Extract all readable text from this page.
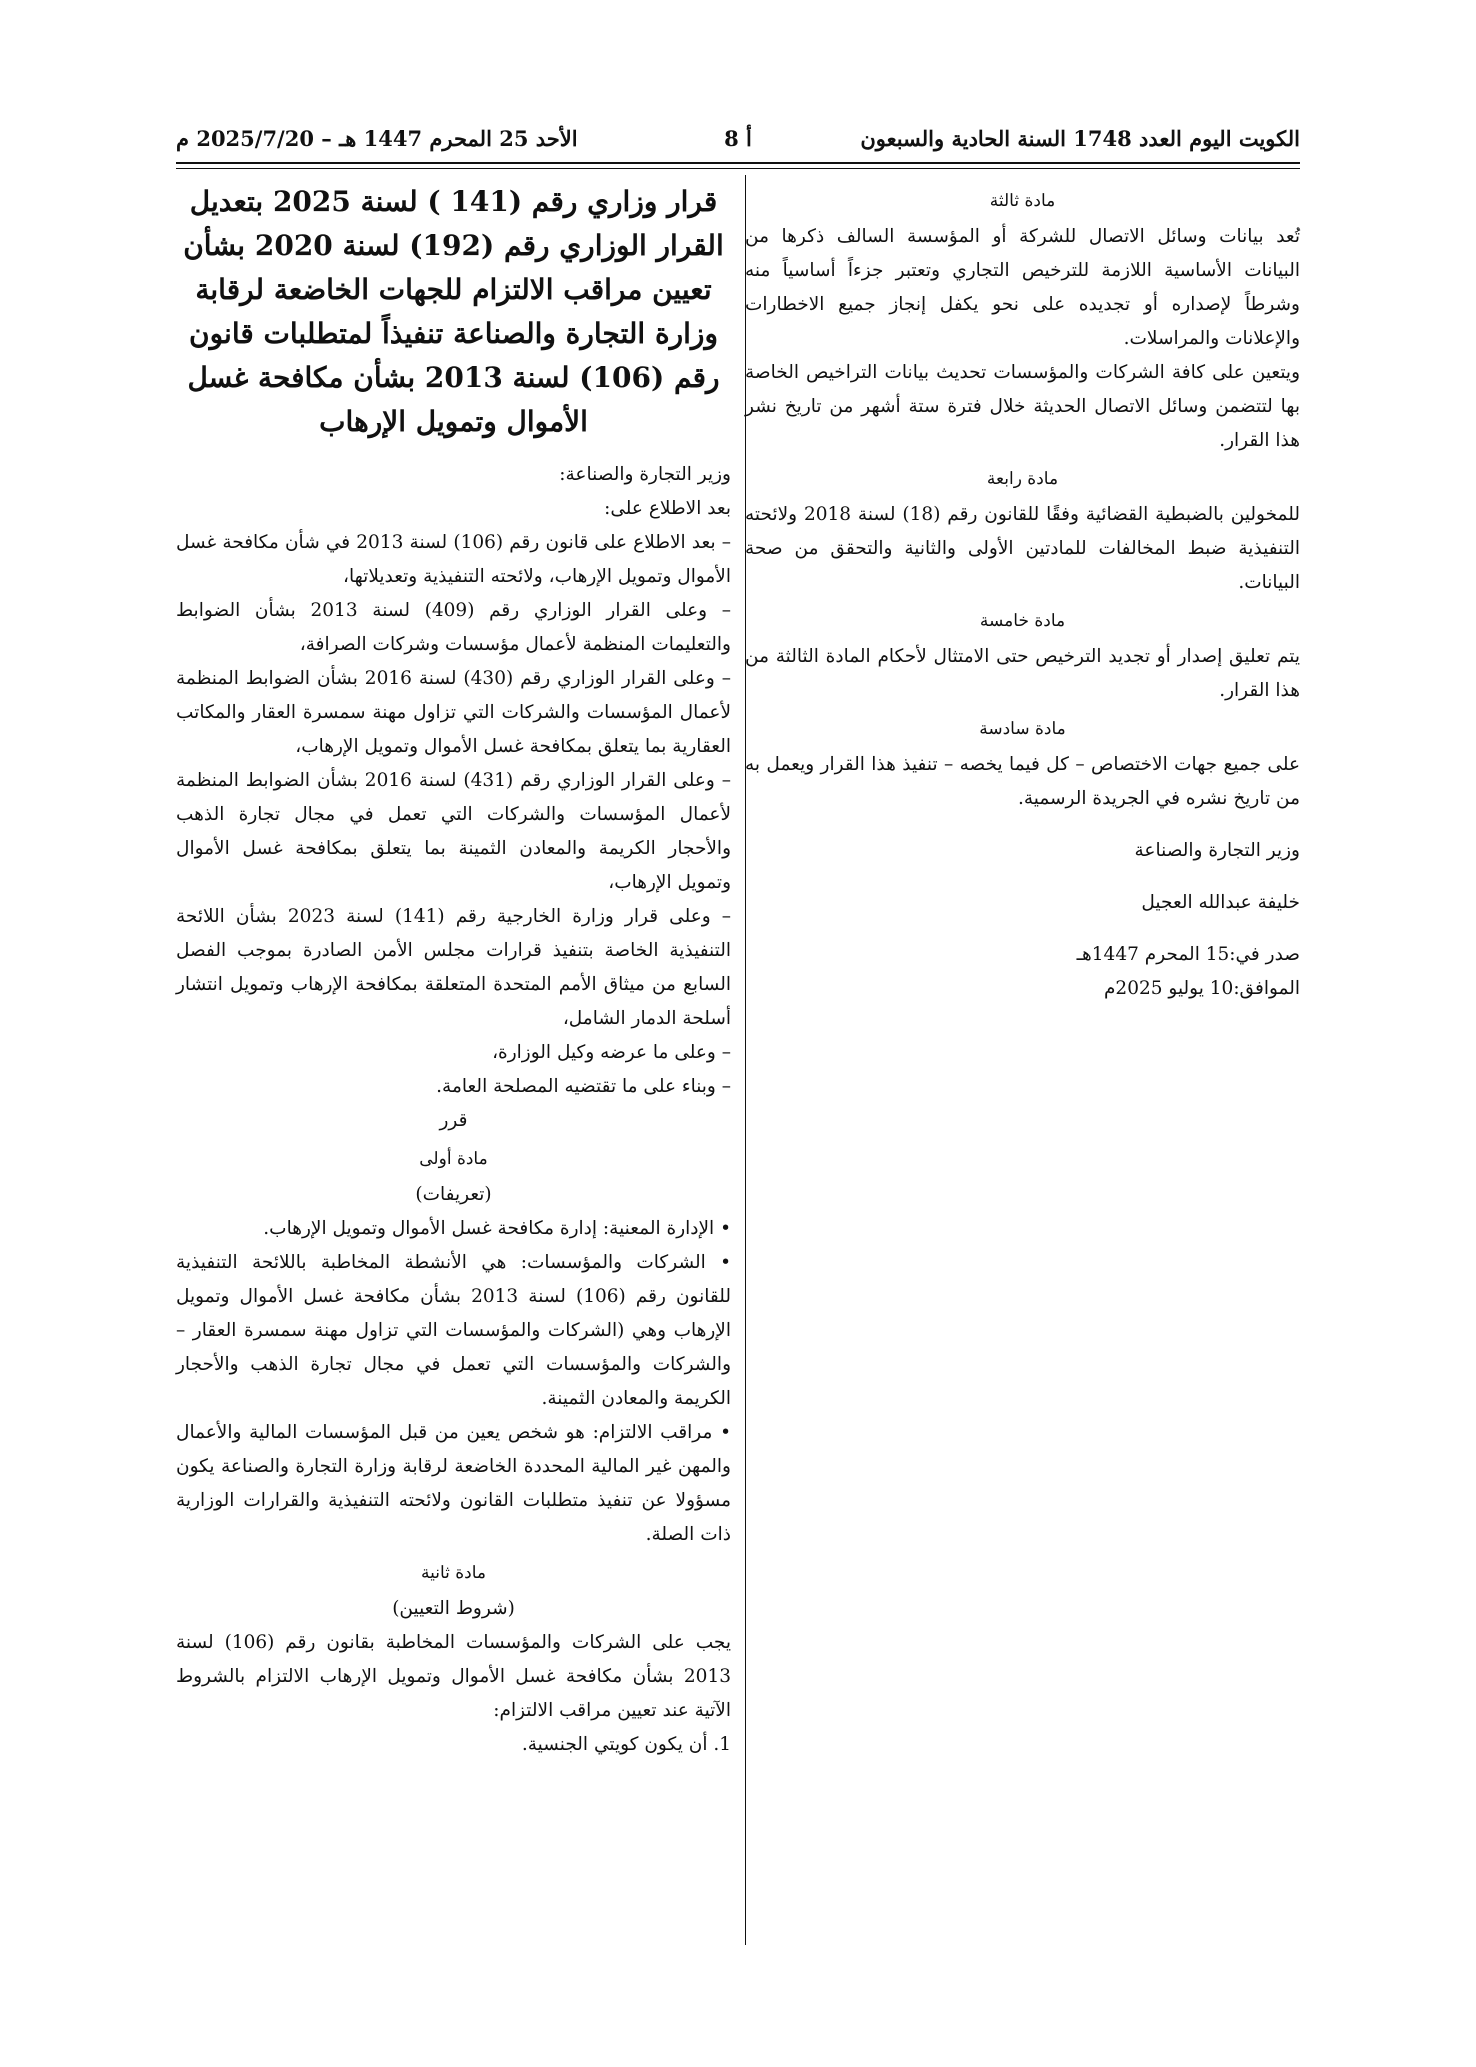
الكويت اليوم العدد 1748 السنة الحادية والسبعون
أ 8
الأحد 25 المحرم 1447 هـ – 2025/7/20 م

مادة ثالثة

تُعد بيانات وسائل الاتصال للشركة أو المؤسسة السالف ذكرها من البيانات الأساسية اللازمة للترخيص التجاري وتعتبر جزءاً أساسياً منه وشرطاً لإصداره أو تجديده على نحو يكفل إنجاز جميع الاخطارات والإعلانات والمراسلات.

ويتعين على كافة الشركات والمؤسسات تحديث بيانات التراخيص الخاصة بها لتتضمن وسائل الاتصال الحديثة خلال فترة ستة أشهر من تاريخ نشر هذا القرار.

مادة رابعة

للمخولين بالضبطية القضائية وفقًا للقانون رقم (18) لسنة 2018 ولائحته التنفيذية ضبط المخالفات للمادتين الأولى والثانية والتحقق من صحة البيانات.

مادة خامسة

يتم تعليق إصدار أو تجديد الترخيص حتى الامتثال لأحكام المادة الثالثة من هذا القرار.

مادة سادسة

على جميع جهات الاختصاص – كل فيما يخصه – تنفيذ هذا القرار ويعمل به من تاريخ نشره في الجريدة الرسمية.

وزير التجارة والصناعة

خليفة عبدالله العجيل

صدر في:15 المحرم 1447هـ

الموافق:10 يوليو 2025م

قرار وزاري رقم (141 ) لسنة 2025 بتعديل القرار الوزاري رقم (192) لسنة 2020 بشأن تعيين مراقب الالتزام للجهات الخاضعة لرقابة وزارة التجارة والصناعة تنفيذاً لمتطلبات قانون رقم (106) لسنة 2013 بشأن مكافحة غسل الأموال وتمويل الإرهاب

وزير التجارة والصناعة:

بعد الاطلاع على:

– بعد الاطلاع على قانون رقم (106) لسنة 2013 في شأن مكافحة غسل الأموال وتمويل الإرهاب، ولائحته التنفيذية وتعديلاتها،

– وعلى القرار الوزاري رقم (409) لسنة 2013 بشأن الضوابط والتعليمات المنظمة لأعمال مؤسسات وشركات الصرافة،

– وعلى القرار الوزاري رقم (430) لسنة 2016 بشأن الضوابط المنظمة لأعمال المؤسسات والشركات التي تزاول مهنة سمسرة العقار والمكاتب العقارية بما يتعلق بمكافحة غسل الأموال وتمويل الإرهاب،

– وعلى القرار الوزاري رقم (431) لسنة 2016 بشأن الضوابط المنظمة لأعمال المؤسسات والشركات التي تعمل في مجال تجارة الذهب والأحجار الكريمة والمعادن الثمينة بما يتعلق بمكافحة غسل الأموال وتمويل الإرهاب،

– وعلى قرار وزارة الخارجية رقم (141) لسنة 2023 بشأن اللائحة التنفيذية الخاصة بتنفيذ قرارات مجلس الأمن الصادرة بموجب الفصل السابع من ميثاق الأمم المتحدة المتعلقة بمكافحة الإرهاب وتمويل انتشار أسلحة الدمار الشامل،

– وعلى ما عرضه وكيل الوزارة،

– وبناء على ما تقتضيه المصلحة العامة.

قرر

مادة أولى

(تعريفات)

• الإدارة المعنية: إدارة مكافحة غسل الأموال وتمويل الإرهاب.

• الشركات والمؤسسات: هي الأنشطة المخاطبة باللائحة التنفيذية للقانون رقم (106) لسنة 2013 بشأن مكافحة غسل الأموال وتمويل الإرهاب وهي (الشركات والمؤسسات التي تزاول مهنة سمسرة العقار – والشركات والمؤسسات التي تعمل في مجال تجارة الذهب والأحجار الكريمة والمعادن الثمينة.

• مراقب الالتزام: هو شخص يعين من قبل المؤسسات المالية والأعمال والمهن غير المالية المحددة الخاضعة لرقابة وزارة التجارة والصناعة يكون مسؤولا عن تنفيذ متطلبات القانون ولائحته التنفيذية والقرارات الوزارية ذات الصلة.

مادة ثانية

(شروط التعيين)

يجب على الشركات والمؤسسات المخاطبة بقانون رقم (106) لسنة 2013 بشأن مكافحة غسل الأموال وتمويل الإرهاب الالتزام بالشروط الآتية عند تعيين مراقب الالتزام:

1. أن يكون كويتي الجنسية.
